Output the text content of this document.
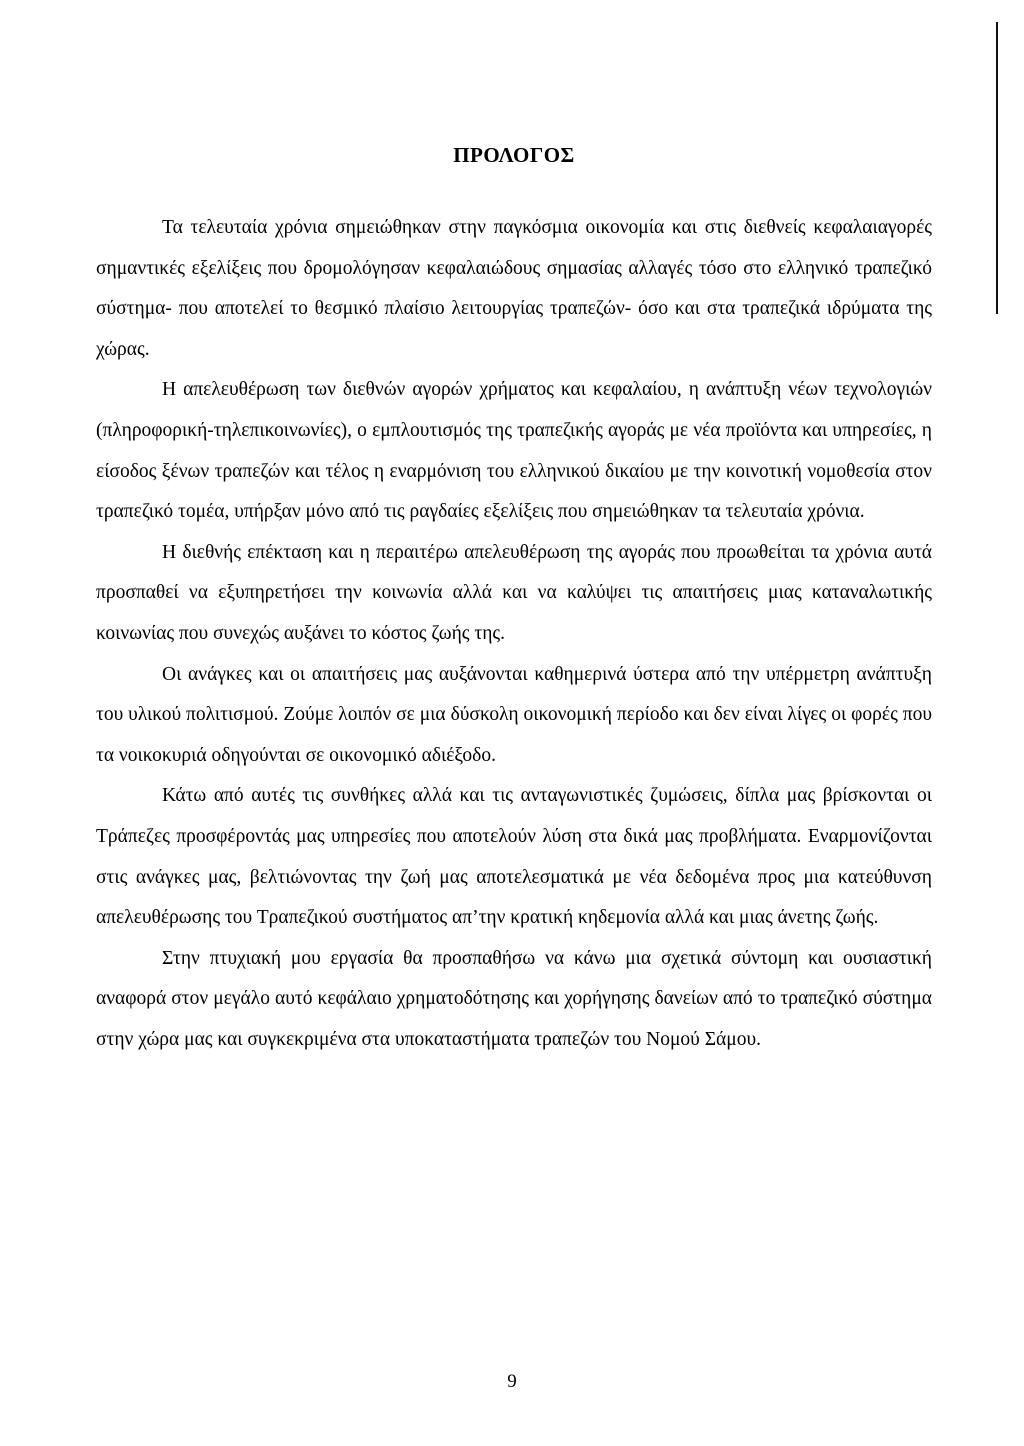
ΠΡΟΛΟΓΟΣ

Τα τελευταία χρόνια σημειώθηκαν στην παγκόσμια οικονομία και στις διεθνείς κεφαλαιαγορές σημαντικές εξελίξεις που δρομολόγησαν κεφαλαιώδους σημασίας αλλαγές τόσο στο ελληνικό τραπεζικό σύστημα- που αποτελεί το θεσμικό πλαίσιο λειτουργίας τραπεζών- όσο και στα τραπεζικά ιδρύματα της χώρας.

Η απελευθέρωση των διεθνών αγορών χρήματος και κεφαλαίου, η ανάπτυξη νέων τεχνολογιών (πληροφορική-τηλεπικοινωνίες), ο εμπλουτισμός της τραπεζικής αγοράς με νέα προϊόντα και υπηρεσίες, η είσοδος ξένων τραπεζών και τέλος η εναρμόνιση του ελληνικού δικαίου με την κοινοτική νομοθεσία στον τραπεζικό τομέα, υπήρξαν μόνο από τις ραγδαίες εξελίξεις που σημειώθηκαν τα τελευταία χρόνια.

Η διεθνής επέκταση και η περαιτέρω απελευθέρωση της αγοράς που προωθείται τα χρόνια αυτά προσπαθεί να εξυπηρετήσει την κοινωνία αλλά και να καλύψει τις απαιτήσεις μιας καταναλωτικής κοινωνίας που συνεχώς αυξάνει το κόστος ζωής της.

Οι ανάγκες και οι απαιτήσεις μας αυξάνονται καθημερινά ύστερα από την υπέρμετρη ανάπτυξη του υλικού πολιτισμού. Ζούμε λοιπόν σε μια δύσκολη οικονομική περίοδο και δεν είναι λίγες οι φορές που τα νοικοκυριά οδηγούνται σε οικονομικό αδιέξοδο.

Κάτω από αυτές τις συνθήκες αλλά και τις ανταγωνιστικές ζυμώσεις, δίπλα μας βρίσκονται οι Τράπεζες προσφέροντάς μας υπηρεσίες που αποτελούν λύση στα δικά μας προβλήματα. Εναρμονίζονται στις ανάγκες μας, βελτιώνοντας την ζωή μας αποτελεσματικά με νέα δεδομένα προς μια κατεύθυνση απελευθέρωσης του Τραπεζικού συστήματος απ’την κρατική κηδεμονία αλλά και μιας άνετης ζωής.

Στην πτυχιακή μου εργασία θα προσπαθήσω να κάνω μια σχετικά σύντομη και ουσιαστική αναφορά στον μεγάλο αυτό κεφάλαιο χρηματοδότησης και χορήγησης δανείων από το τραπεζικό σύστημα στην χώρα μας και συγκεκριμένα στα υποκαταστήματα τραπεζών του Νομού Σάμου.

9
